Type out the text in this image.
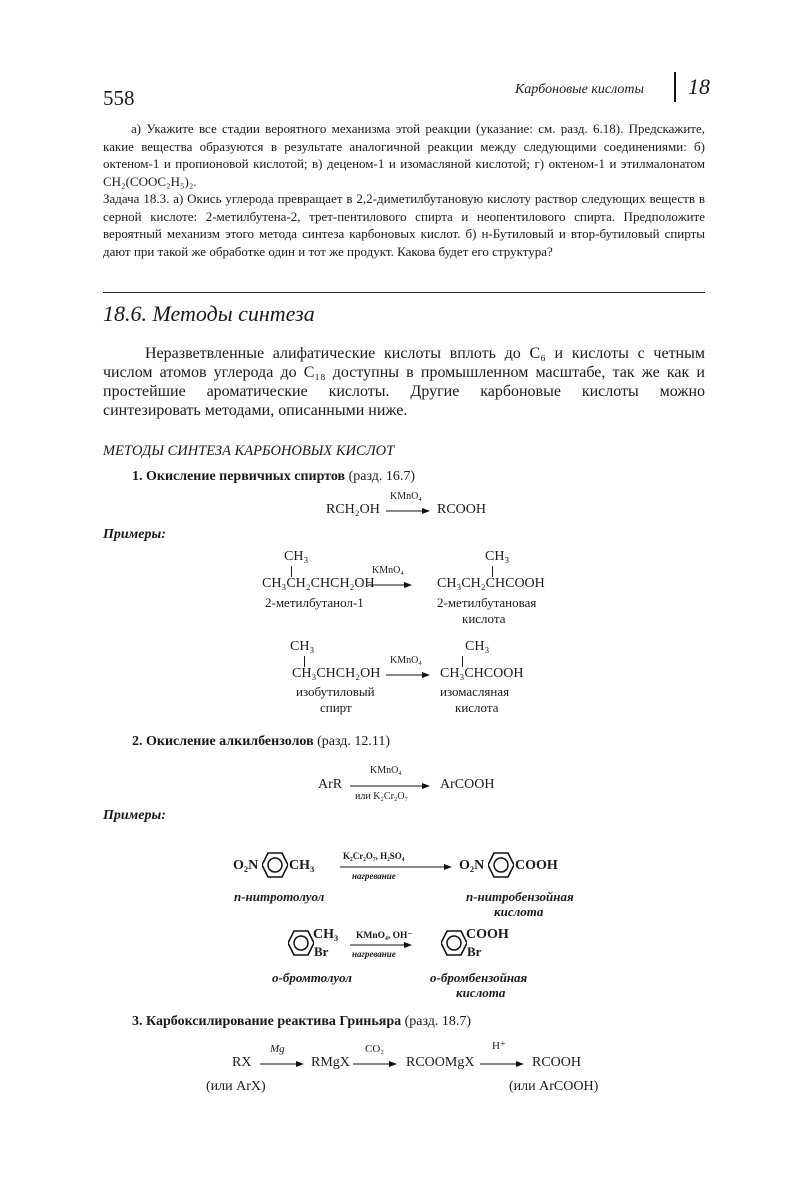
558	Карбоновые кислоты 18
а) Укажите все стадии вероятного механизма этой реакции (указание: см. разд. 6.18). Предскажите, какие вещества образуются в результате аналогичной реакции между следующими соединениями: б) октеном-1 и пропионовой кислотой; в) деценом-1 и изомасляной кислотой; г) октеном-1 и этилмалонатом CH₂(COOC₂H₅)₂.
Задача 18.3. а) Окись углерода превращает в 2,2-диметилбутановую кислоту раствор следующих веществ в серной кислоте: 2-метилбутена-2, трет-пентилового спирта и неопентилового спирта. Предположите вероятный механизм этого метода синтеза карбоновых кислот. б) н-Бутиловый и втор-бутиловый спирты дают при такой же обработке один и тот же продукт. Какова будет его структура?
18.6. Методы синтеза
Неразветвленные алифатические кислоты вплоть до C₆ и кислоты с четным числом атомов углерода до C₁₈ доступны в промышленном масштабе, так же как и простейшие ароматические кислоты. Другие карбоновые кислоты можно синтезировать методами, описанными ниже.
МЕТОДЫ СИНТЕЗА КАРБОНОВЫХ КИСЛОТ
1. Окисление первичных спиртов (разд. 16.7)
RCH₂OH
KMnO₄
→ RCOOH
Примеры:
CH₃
CH₃CH₂CHCH₂OH
KMnO₄
CH₃
CH₃CH₂CHCOOH
2-метилбутанол-1	2-метилбутановая
кислота
CH₃
CH₃CHCH₂OH
KMnO₄
CH₃
CH₃CHCOOH
изобутиловый
спирт
изомасляная
кислота
2. Окисление алкилбензолов (разд. 12.11)
ArR
KMnO₄
или K₂Cr₂O₇
ArCOOH
Примеры:
O₂N CH₃
K₂Cr₂O₇, H₂SO₄
нагревание
O₂N COOH
п-нитротолуол	п-нитробензойная
кислота
CH₃
Br
KMnO₄, OH⁻
нагревание
COOH
Br
о-бромтолуол	о-бромбензойная
кислота
3. Карбоксилирование реактива Гриньяра (разд. 18.7)
RX
Mg
→ RMgX
CO₂
→ RCOOMgX
H⁺
→ RCOOH
(или ArX)	(или ArCOOH)
